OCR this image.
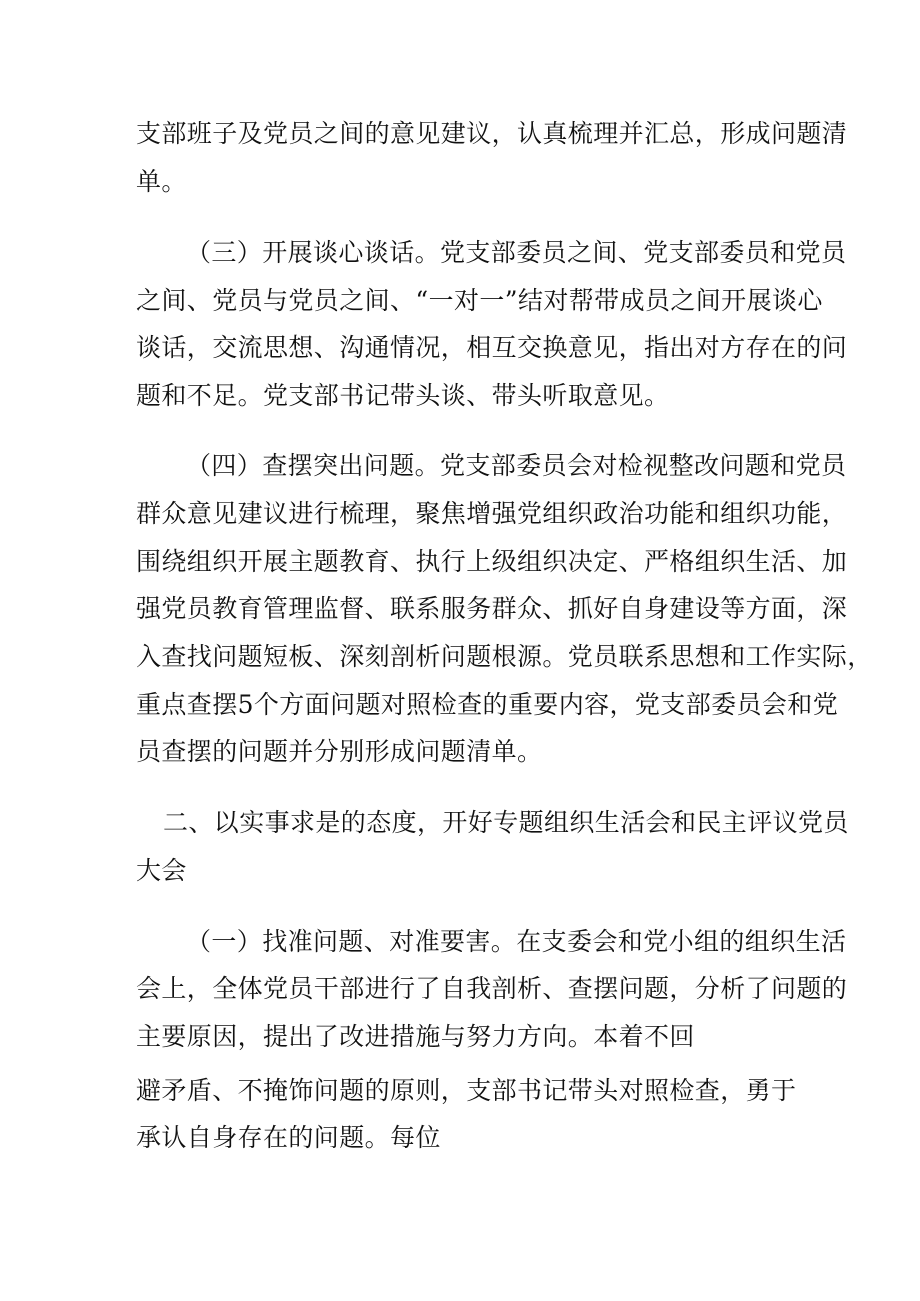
支部班子及党员之间的意见建议，认真梳理并汇总，形成问题清
单。
（三）开展谈心谈话。党支部委员之间、党支部委员和党员
之间、党员与党员之间、“一对一”结对帮带成员之间开展谈心
谈话，交流思想、沟通情况，相互交换意见，指出对方存在的问
题和不足。党支部书记带头谈、带头听取意见。
（四）查摆突出问题。党支部委员会对检视整改问题和党员
群众意见建议进行梳理，聚焦增强党组织政治功能和组织功能，
围绕组织开展主题教育、执行上级组织决定、严格组织生活、加
强党员教育管理监督、联系服务群众、抓好自身建设等方面，深
入查找问题短板、深刻剖析问题根源。党员联系思想和工作实际，
重点查摆5个方面问题对照检查的重要内容，党支部委员会和党
员查摆的问题并分别形成问题清单。
二、以实事求是的态度，开好专题组织生活会和民主评议党员
大会
（一）找准问题、对准要害。在支委会和党小组的组织生活
会上，全体党员干部进行了自我剖析、查摆问题，分析了问题的
主要原因，提出了改进措施与努力方向。本着不回
避矛盾、不掩饰问题的原则，支部书记带头对照检查，勇于
承认自身存在的问题。每位
